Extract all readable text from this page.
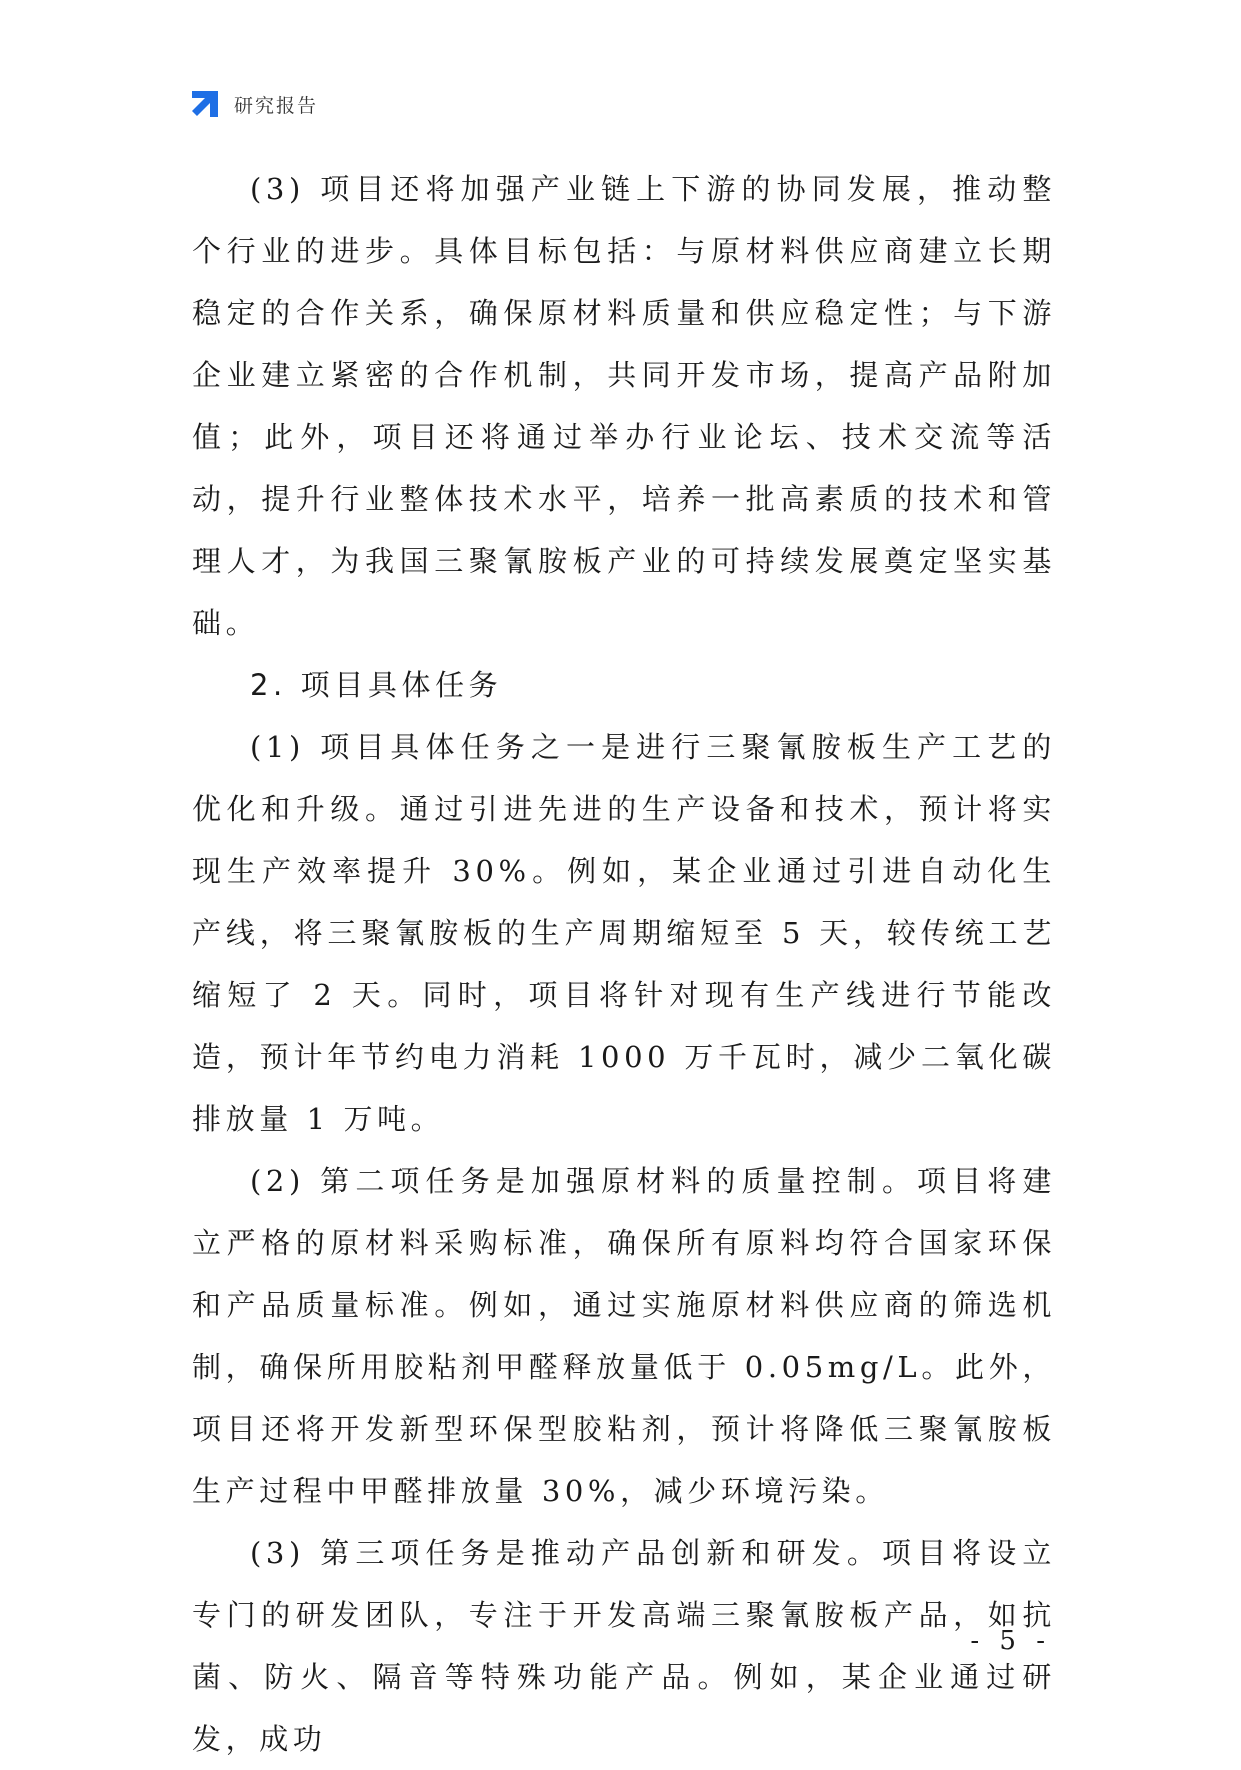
研究报告

(3) 项目还将加强产业链上下游的协同发展，推动整个行业的进步。具体目标包括：与原材料供应商建立长期稳定的合作关系，确保原材料质量和供应稳定性；与下游企业建立紧密的合作机制，共同开发市场，提高产品附加值；此外，项目还将通过举办行业论坛、技术交流等活动，提升行业整体技术水平，培养一批高素质的技术和管理人才，为我国三聚氰胺板产业的可持续发展奠定坚实基础。

2. 项目具体任务

(1) 项目具体任务之一是进行三聚氰胺板生产工艺的优化和升级。通过引进先进的生产设备和技术，预计将实现生产效率提升 30%。例如，某企业通过引进自动化生产线，将三聚氰胺板的生产周期缩短至 5 天，较传统工艺缩短了 2 天。同时，项目将针对现有生产线进行节能改造，预计年节约电力消耗 1000 万千瓦时，减少二氧化碳排放量 1 万吨。

(2) 第二项任务是加强原材料的质量控制。项目将建立严格的原材料采购标准，确保所有原料均符合国家环保和产品质量标准。例如，通过实施原材料供应商的筛选机制，确保所用胶粘剂甲醛释放量低于 0.05mg/L。此外，项目还将开发新型环保型胶粘剂，预计将降低三聚氰胺板生产过程中甲醛排放量 30%，减少环境污染。

(3) 第三项任务是推动产品创新和研发。项目将设立专门的研发团队，专注于开发高端三聚氰胺板产品，如抗菌、防火、隔音等特殊功能产品。例如，某企业通过研发，成功

- 5 -
